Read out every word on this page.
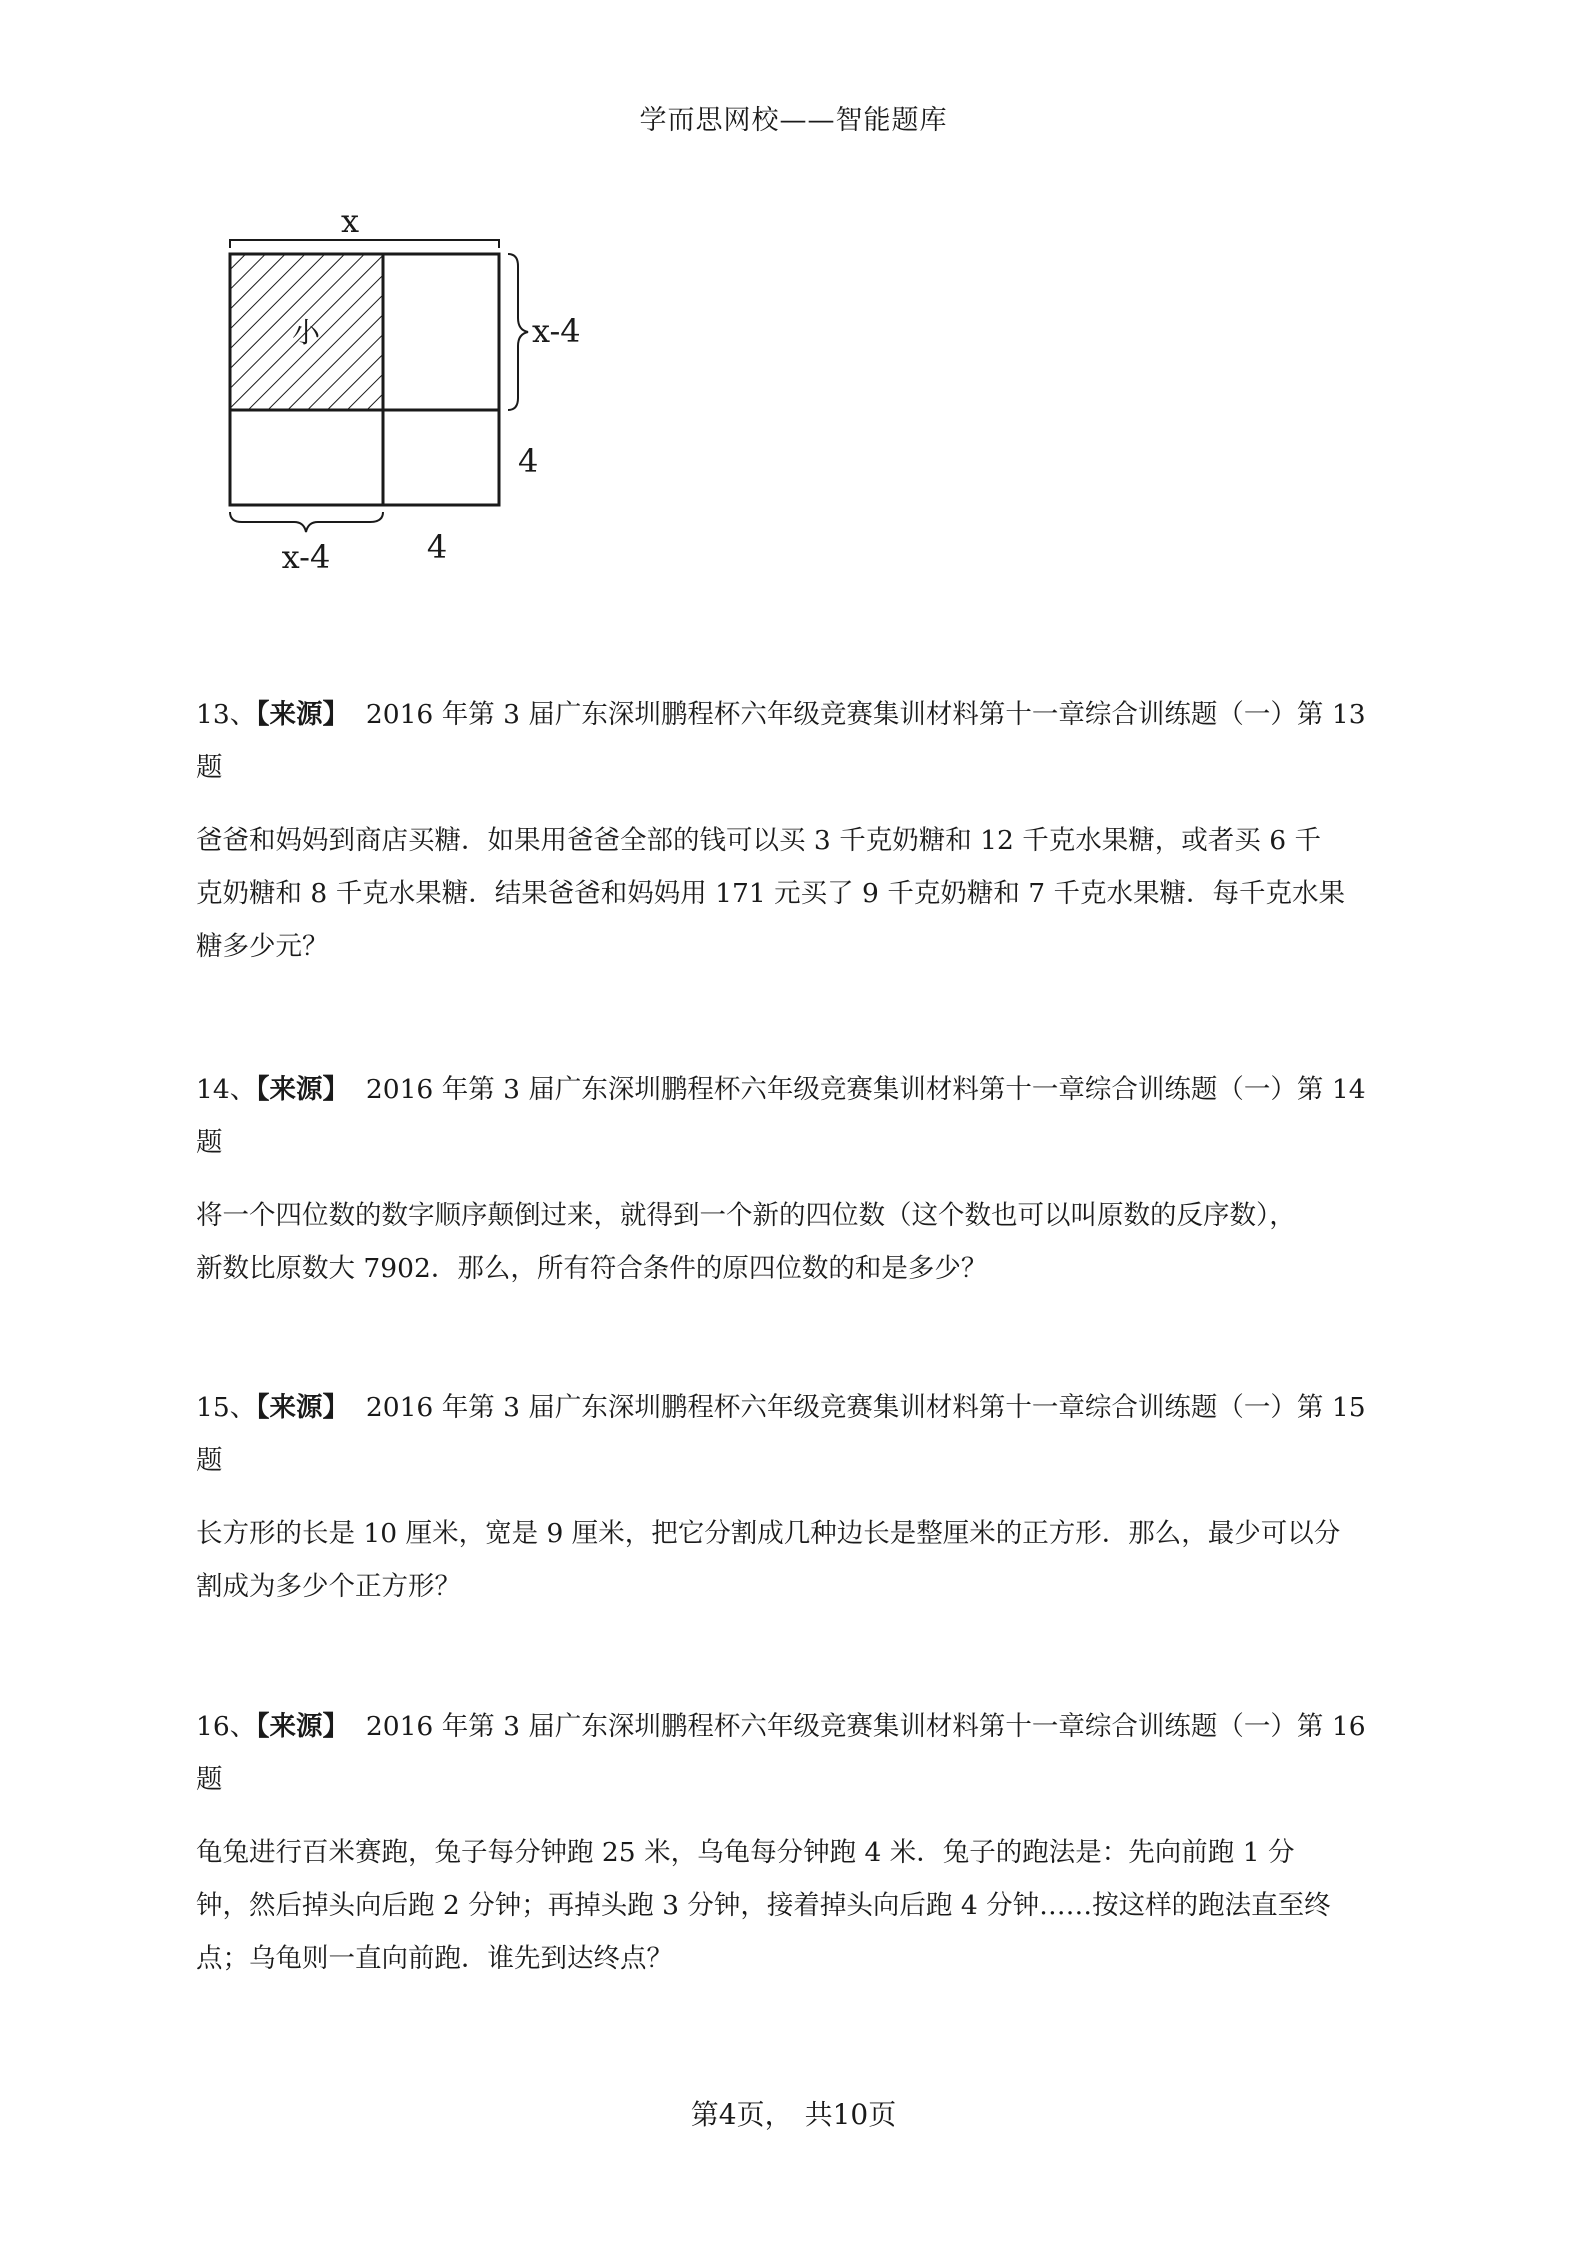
学而思网校——智能题库
x
x-4
4
x-4	4
小
13、【来源】 2016 年第 3 届广东深圳鹏程杯六年级竞赛集训材料第十一章综合训练题（一）第 13
题

爸爸和妈妈到商店买糖．如果用爸爸全部的钱可以买 3 千克奶糖和 12 千克水果糖，或者买 6 千

克奶糖和 8 千克水果糖．结果爸爸和妈妈用 171 元买了 9 千克奶糖和 7 千克水果糖．每千克水果

糖多少元？

14、【来源】 2016 年第 3 届广东深圳鹏程杯六年级竞赛集训材料第十一章综合训练题（一）第 14
题

将一个四位数的数字顺序颠倒过来，就得到一个新的四位数（这个数也可以叫原数的反序数），

新数比原数大 7902．那么，所有符合条件的原四位数的和是多少？

15、【来源】 2016 年第 3 届广东深圳鹏程杯六年级竞赛集训材料第十一章综合训练题（一）第 15
题

长方形的长是 10 厘米，宽是 9 厘米，把它分割成几种边长是整厘米的正方形．那么，最少可以分

割成为多少个正方形？

16、【来源】 2016 年第 3 届广东深圳鹏程杯六年级竞赛集训材料第十一章综合训练题（一）第 16
题

龟兔进行百米赛跑，兔子每分钟跑 25 米，乌龟每分钟跑 4 米．兔子的跑法是：先向前跑 1 分

钟，然后掉头向后跑 2 分钟；再掉头跑 3 分钟，接着掉头向后跑 4 分钟……按这样的跑法直至终

点；乌龟则一直向前跑．谁先到达终点？

第4页， 共10页
